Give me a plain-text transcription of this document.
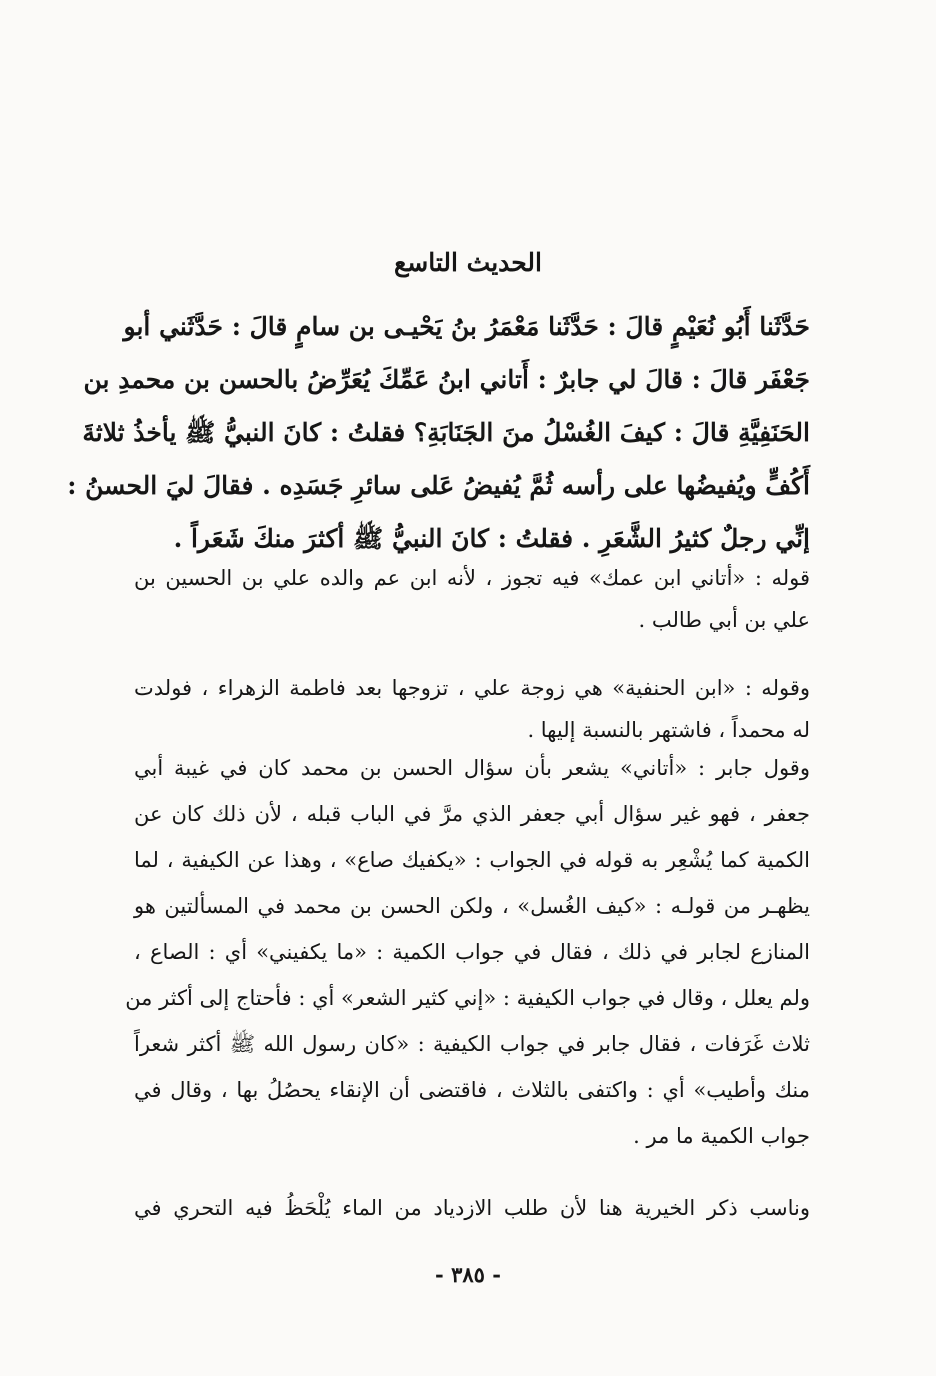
الحديث التاسع
حَدَّثَنا أَبُو نُعَيْمٍ قالَ : حَدَّثَنا مَعْمَرُ بنُ يَحْيـى بن سامٍ قالَ : حَدَّثَني أبو
جَعْفَر قالَ : قالَ لي جابرٌ : أَتاني ابنُ عَمِّكَ يُعَرِّضُ بالحسن بن محمدِ بن
الحَنَفِيَّةِ قالَ : كيفَ الغُسْلُ منَ الجَنَابَةِ؟ فقلتُ : كانَ النبيُّ ﷺ يأخذُ ثلاثةَ
أَكُفٍّ ويُفيضُها على رأسه ثُمَّ يُفيضُ عَلى سائرِ جَسَدِه . فقالَ ليَ الحسنُ :
إنِّي رجلٌ كثيرُ الشَّعَرِ . فقلتُ : كانَ النبيُّ ﷺ أكثرَ منكَ شَعَراً .
قوله : «أتاني ابن عمك» فيه تجوز ، لأنه ابن عم والده علي بن الحسين بن
علي بن أبي طالب .
وقوله : «ابن الحنفية» هي زوجة علي ، تزوجها بعد فاطمة الزهراء ، فولدت
له محمداً ، فاشتهر بالنسبة إليها .
وقول جابر : «أتاني» يشعر بأن سؤال الحسن بن محمد كان في غيبة أبي
جعفر ، فهو غير سؤال أبي جعفر الذي مرَّ في الباب قبله ، لأن ذلك كان عن
الكمية كما يُشْعِر به قوله في الجواب : «يكفيك صاع» ، وهذا عن الكيفية ، لما
يظهـر من قولـه : «كيف الغُسل» ، ولكن الحسن بن محمد في المسألتين هو
المنازع لجابر في ذلك ، فقال في جواب الكمية : «ما يكفيني» أي : الصاع ،
ولم يعلل ، وقال في جواب الكيفية : «إني كثير الشعر» أي : فأحتاج إلى أكثر من
ثلاث غَرَفات ، فقال جابر في جواب الكيفية : «كان رسول الله ﷺ أكثر شعراً
منك وأطيب» أي : واكتفى بالثلاث ، فاقتضى أن الإنقاء يحصُلُ بها ، وقال في
جواب الكمية ما مر .
وناسب ذكر الخيرية هنا لأن طلب الازدياد من الماء يُلْحَظُ فيه التحري في
- ٣٨٥ -
